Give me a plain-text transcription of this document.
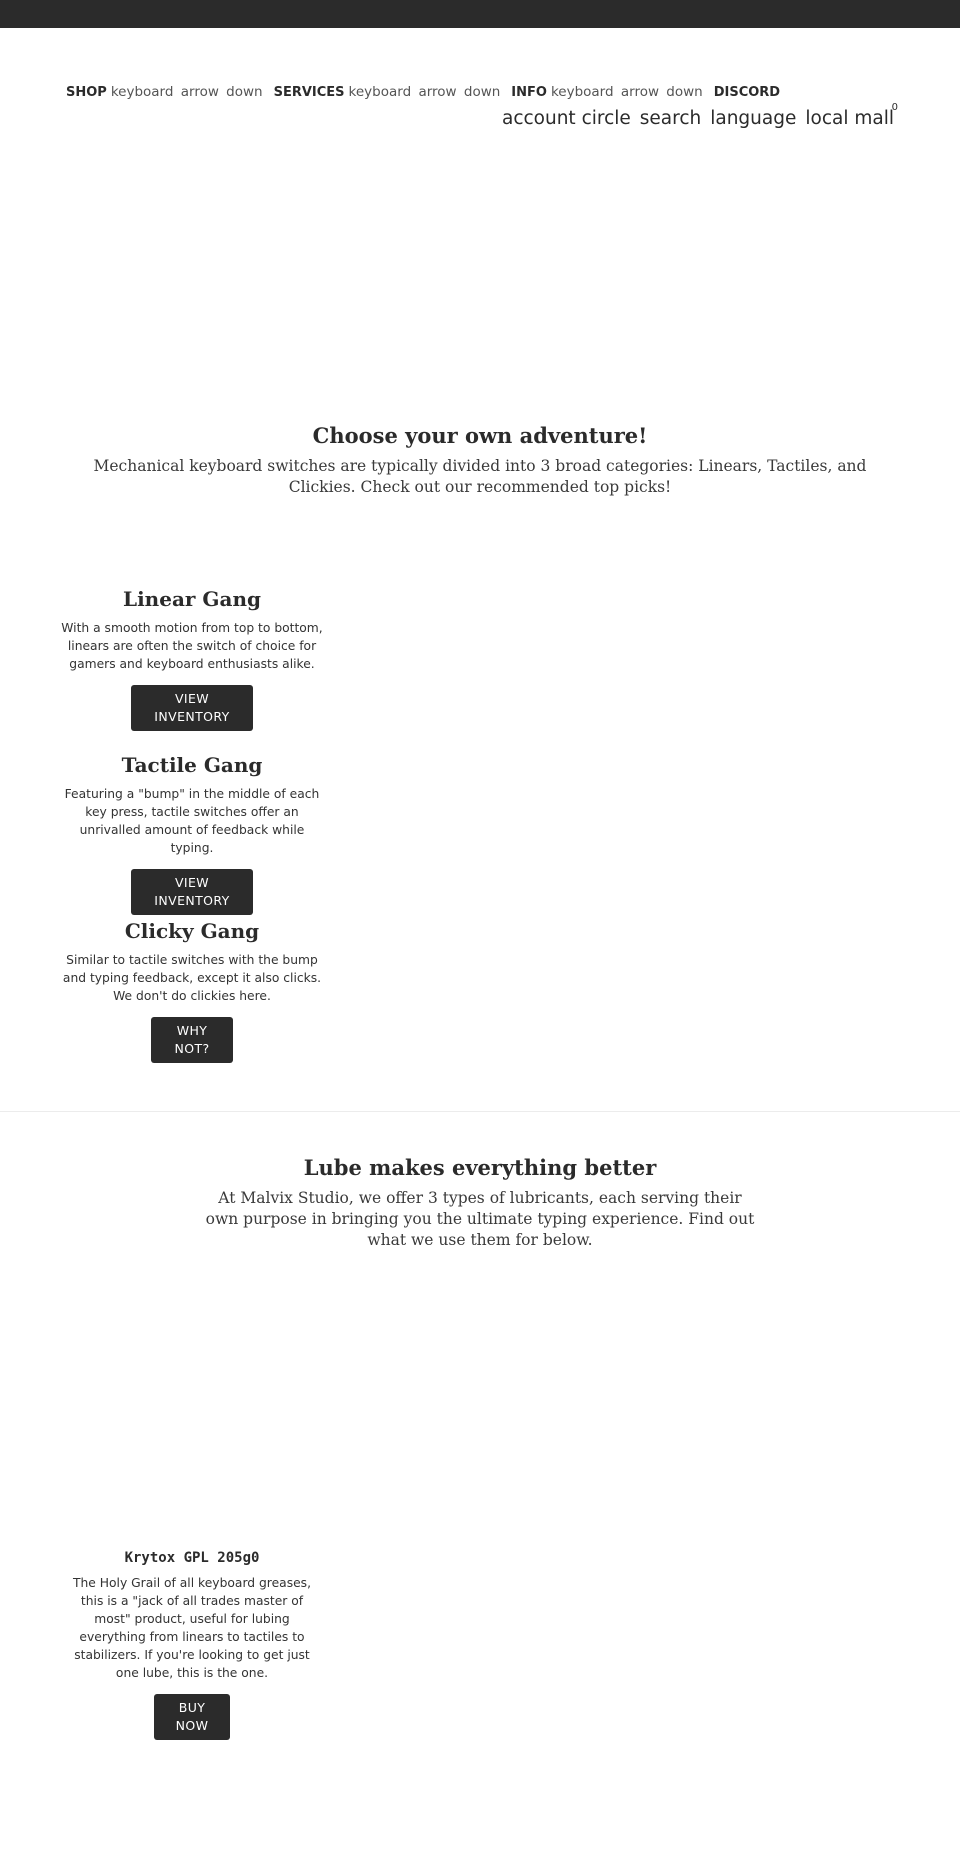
SHOP keyboard arrow down SERVICES keyboard arrow down INFO keyboard arrow down DISCORD
account circle search language local mall
0
Choose your own adventure!

Mechanical keyboard switches are typically divided into 3 broad categories: Linears, Tactiles, and Clickies. Check out our recommended top picks!

Linear Gang

With a smooth motion from top to bottom, linears are often the switch of choice for gamers and keyboard enthusiasts alike.

VIEW INVENTORY
Tactile Gang

Featuring a "bump" in the middle of each key press, tactile switches offer an unrivalled amount of feedback while typing.

VIEW INVENTORY
Clicky Gang

Similar to tactile switches with the bump and typing feedback, except it also clicks. We don't do clickies here.

WHY NOT?
Lube makes everything better

At Malvix Studio, we offer 3 types of lubricants, each serving their own purpose in bringing you the ultimate typing experience. Find out what we use them for below.

Krytox GPL 205g0

The Holy Grail of all keyboard greases, this is a "jack of all trades master of most" product, useful for lubing everything from linears to tactiles to stabilizers. If you're looking to get just one lube, this is the one.

BUY NOW
